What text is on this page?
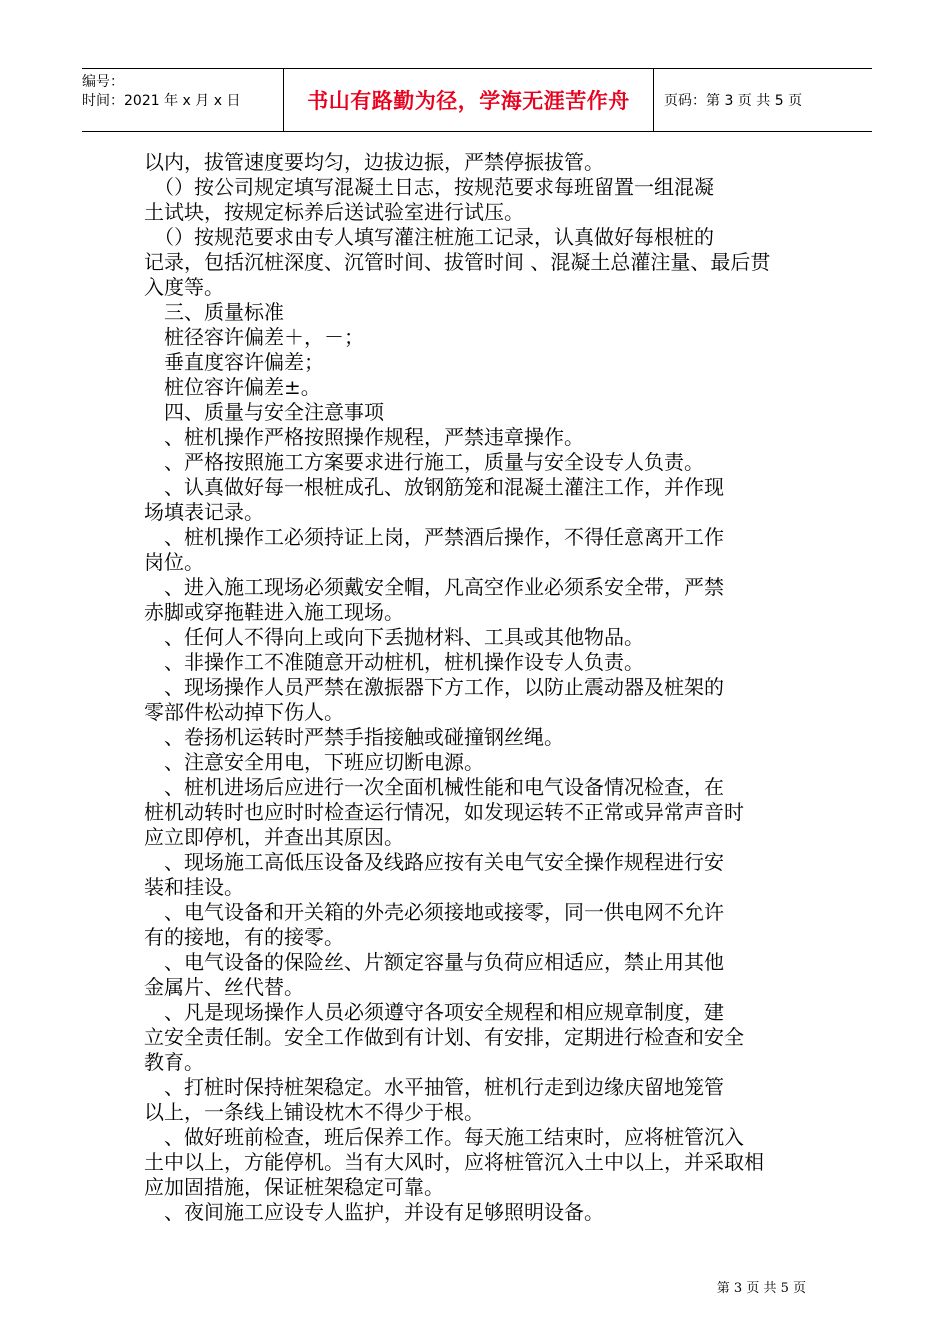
编号：
时间：2021 年 x 月 x 日	书山有路勤为径，学海无涯苦作舟	页码：第 3 页 共 5 页

以内，拔管速度要均匀，边拔边振，严禁停振拔管。

　（）按公司规定填写混凝土日志，按规范要求每班留置一组混凝

土试块，按规定标养后送试验室进行试压。

　（）按规范要求由专人填写灌注桩施工记录，认真做好每根桩的

记录，包括沉桩深度、沉管时间、拔管时间 、混凝土总灌注量、最后贯

入度等。

　三、质量标准

　桩径容许偏差＋，－；

　垂直度容许偏差；

　桩位容许偏差±。

　四、质量与安全注意事项

　、桩机操作严格按照操作规程，严禁违章操作。

　、严格按照施工方案要求进行施工，质量与安全设专人负责。

　、认真做好每一根桩成孔、放钢筋笼和混凝土灌注工作，并作现

场填表记录。

　、桩机操作工必须持证上岗，严禁酒后操作，不得任意离开工作

岗位。

　、进入施工现场必须戴安全帽，凡高空作业必须系安全带，严禁

赤脚或穿拖鞋进入施工现场。

　、任何人不得向上或向下丢抛材料、工具或其他物品。

　、非操作工不准随意开动桩机，桩机操作设专人负责。

　、现场操作人员严禁在激振器下方工作，以防止震动器及桩架的

零部件松动掉下伤人。

　、卷扬机运转时严禁手指接触或碰撞钢丝绳。

　、注意安全用电，下班应切断电源。

　、桩机进场后应进行一次全面机械性能和电气设备情况检查，在

桩机动转时也应时时检查运行情况，如发现运转不正常或异常声音时

应立即停机，并查出其原因。

　、现场施工高低压设备及线路应按有关电气安全操作规程进行安

装和挂设。

　、电气设备和开关箱的外壳必须接地或接零，同一供电网不允许

有的接地，有的接零。

　、电气设备的保险丝、片额定容量与负荷应相适应，禁止用其他

金属片、丝代替。

　、凡是现场操作人员必须遵守各项安全规程和相应规章制度，建

立安全责任制。安全工作做到有计划、有安排，定期进行检查和安全

教育。

　、打桩时保持桩架稳定。水平抽管，桩机行走到边缘庆留地笼管

以上，一条线上铺设枕木不得少于根。

　、做好班前检查，班后保养工作。每天施工结束时，应将桩管沉入

土中以上，方能停机。当有大风时，应将桩管沉入土中以上，并采取相

应加固措施，保证桩架稳定可靠。

　、夜间施工应设专人监护，并设有足够照明设备。

第 3 页 共 5 页
